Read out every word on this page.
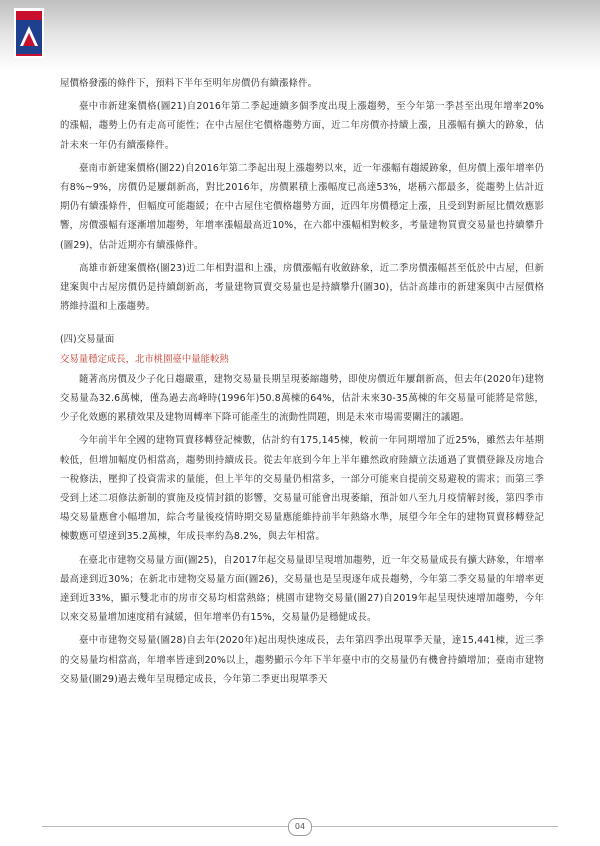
屋價格發漲的條件下，預料下半年至明年房價仍有續漲條件。

臺中市新建案價格(圖21)自2016年第二季起連續多個季度出現上漲趨勢，至今年第一季甚至出現年增率20%的漲幅，趨勢上仍有走高可能性；在中古屋住宅價格趨勢方面，近二年房價亦持續上漲，且漲幅有擴大的跡象，估計未來一年仍有續漲條件。

臺南市新建案價格(圖22)自2016年第二季起出現上漲趨勢以來，近一年漲幅有趨緩跡象，但房價上漲年增率仍有8%~9%，房價仍是屢創新高，對比2016年，房價累積上漲幅度已高達53%，堪稱六都最多，從趨勢上估計近期仍有續漲條件，但幅度可能趨緩；在中古屋住宅價格趨勢方面，近四年房價穩定上漲，且受到對新屋比價效應影響，房價漲幅有逐漸增加趨勢，年增率漲幅最高近10%，在六都中漲幅相對較多，考量建物買賣交易量也持續攀升(圖29)，估計近期亦有續漲條件。

高雄市新建案價格(圖23)近二年相對溫和上漲，房價漲幅有收斂跡象，近二季房價漲幅甚至低於中古屋，但新建案與中古屋房價仍是持續創新高，考量建物買賣交易量也是持續攀升(圖30)，估計高雄市的新建案與中古屋價格將維持溫和上漲趨勢。

(四)交易量面
交易量穩定成長，北市桃園臺中量能較熱

隨著高房價及少子化日趨嚴重，建物交易量長期呈現萎縮趨勢，即使房價近年屢創新高，但去年(2020年)建物交易量為32.6萬棟，僅為過去高峰時(1996年)50.8萬棟的64%，估計未來30-35萬棟的年交易量可能將是常態，少子化效應的累積效果及建物周轉率下降可能產生的流動性問題，則是未來市場需要關注的議題。

今年前半年全國的建物買賣移轉登記棟數，估計約有175,145棟，較前一年同期增加了近25%，雖然去年基期較低，但增加幅度仍相當高，趨勢則持續成長。從去年底到今年上半年雖然政府陸續立法通過了實價登錄及房地合一稅修法，壓抑了投資需求的量能，但上半年的交易量仍相當多，一部分可能來自提前交易避稅的需求；而第三季受到上述二項修法新制的實施及疫情封鎖的影響，交易量可能會出現萎縮，預計如八至九月疫情解封後，第四季市場交易量應會小幅增加，綜合考量後疫情時期交易量應能維持前半年熱絡水準，展望今年全年的建物買賣移轉登記棟數應可望達到35.2萬棟，年成長率約為8.2%，與去年相當。

在臺北市建物交易量方面(圖25)，自2017年起交易量即呈現增加趨勢，近一年交易量成長有擴大跡象，年增率最高達到近30%；在新北市建物交易量方面(圖26)，交易量也是呈現逐年成長趨勢，今年第二季交易量的年增率更達到近33%，顯示雙北市的房市交易均相當熱絡；桃園市建物交易量(圖27)自2019年起呈現快速增加趨勢，今年以來交易量增加速度稍有減緩，但年增率仍有15%，交易量仍是穩健成長。

臺中市建物交易量(圖28)自去年(2020年)起出現快速成長，去年第四季出現單季天量，達15,441棟，近三季的交易量均相當高，年增率皆達到20%以上，趨勢顯示今年下半年臺中市的交易量仍有機會持續增加；臺南市建物交易量(圖29)過去幾年呈現穩定成長，今年第二季更出現單季天

04
